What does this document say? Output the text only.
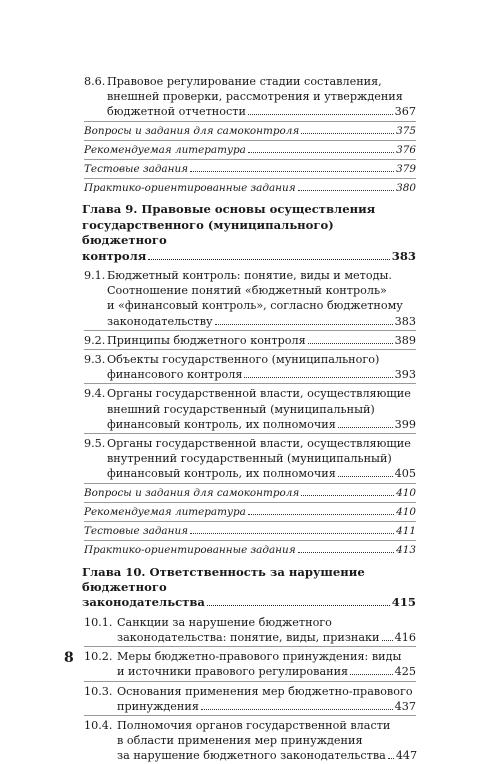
8.6. Правовое регулирование стадии составления,
внешней проверки, рассмотрения и утверждения
бюджетной отчетности	367
Вопросы и задания для самоконтроля	375
Рекомендуемая литература	376
Тестовые задания	379
Практико-ориентированные задания	380
Глава 9. Правовые основы осуществления
государственного (муниципального) бюджетного
контроля	383
9.1. Бюджетный контроль: понятие, виды и методы.
Соотношение понятий «бюджетный контроль»
и «финансовый контроль», согласно бюджетному
законодательству	383
9.2. Принципы бюджетного контроля	389
9.3. Объекты государственного (муниципального)
финансового контроля	393
9.4. Органы государственной власти, осуществляющие
внешний государственный (муниципальный)
финансовый контроль, их полномочия	399
9.5. Органы государственной власти, осуществляющие
внутренний государственный (муниципальный)
финансовый контроль, их полномочия	405
Вопросы и задания для самоконтроля	410
Рекомендуемая литература	410
Тестовые задания	411
Практико-ориентированные задания	413
Глава 10. Ответственность за нарушение бюджетного
законодательства	415
10.1. Санкции за нарушение бюджетного
законодательства: понятие, виды, признаки 416
10.2. Меры бюджетно-правового принуждения: виды
и источники правового регулирования	425
10.3. Основания применения мер бюджетно-правового
принуждения	437
10.4. Полномочия органов государственной власти
в области применения мер принуждения
за нарушение бюджетного законодательства 447
8
